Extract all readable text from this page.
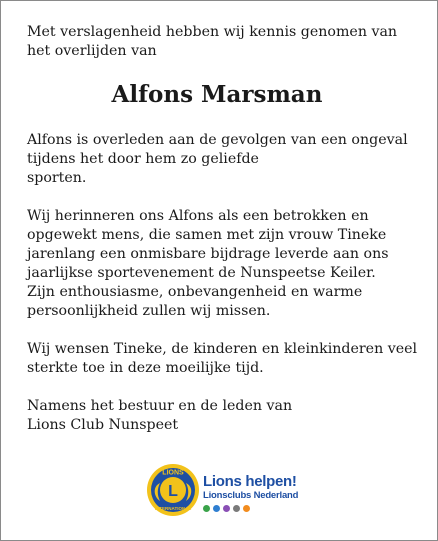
Met verslagenheid hebben wij kennis genomen van het overlijden van

Alfons Marsman

Alfons is overleden aan de gevolgen van een ongeval
tijdens het door hem zo geliefde
sporten.
Wij herinneren ons Alfons als een betrokken en
opgewekt mens, die samen met zijn vrouw Tineke
jarenlang een onmisbare bijdrage leverde aan ons
jaarlijkse sportevenement de Nunspeetse Keiler.
Zijn enthousiasme, onbevangenheid en warme
persoonlijkheid zullen wij missen.
Wij wensen Tineke, de kinderen en kleinkinderen veel
sterkte toe in deze moeilijke tijd.
Namens het bestuur en de leden van
Lions Club Nunspeet
L
LIONS
INTERNATIONAL
Lions helpen!
Lionsclubs Nederland
